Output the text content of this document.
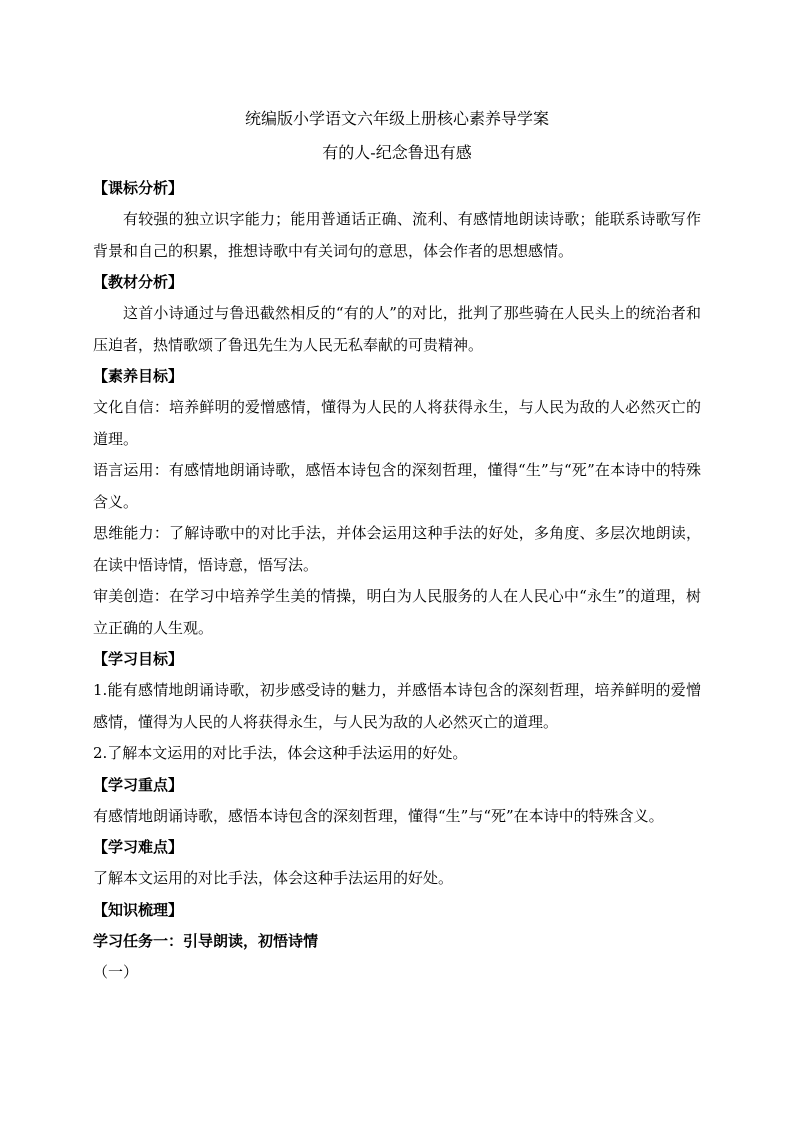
统编版小学语文六年级上册核心素养导学案

有的人-纪念鲁迅有感

【课标分析】

有较强的独立识字能力；能用普通话正确、流利、有感情地朗读诗歌；能联系诗歌写作背景和自己的积累，推想诗歌中有关词句的意思，体会作者的思想感情。

【教材分析】

这首小诗通过与鲁迅截然相反的“有的人”的对比，批判了那些骑在人民头上的统治者和压迫者，热情歌颂了鲁迅先生为人民无私奉献的可贵精神。

【素养目标】

文化自信：培养鲜明的爱憎感情，懂得为人民的人将获得永生，与人民为敌的人必然灭亡的道理。

语言运用：有感情地朗诵诗歌，感悟本诗包含的深刻哲理，懂得“生”与“死”在本诗中的特殊含义。

思维能力：了解诗歌中的对比手法，并体会运用这种手法的好处，多角度、多层次地朗读，在读中悟诗情，悟诗意，悟写法。

审美创造：在学习中培养学生美的情操，明白为人民服务的人在人民心中“永生”的道理，树立正确的人生观。

【学习目标】

1.能有感情地朗诵诗歌，初步感受诗的魅力，并感悟本诗包含的深刻哲理，培养鲜明的爱憎感情，懂得为人民的人将获得永生，与人民为敌的人必然灭亡的道理。

2.了解本文运用的对比手法，体会这种手法运用的好处。

【学习重点】

有感情地朗诵诗歌，感悟本诗包含的深刻哲理，懂得“生”与“死”在本诗中的特殊含义。

【学习难点】

了解本文运用的对比手法，体会这种手法运用的好处。

【知识梳理】

学习任务一：引导朗读，初悟诗情

（一）
